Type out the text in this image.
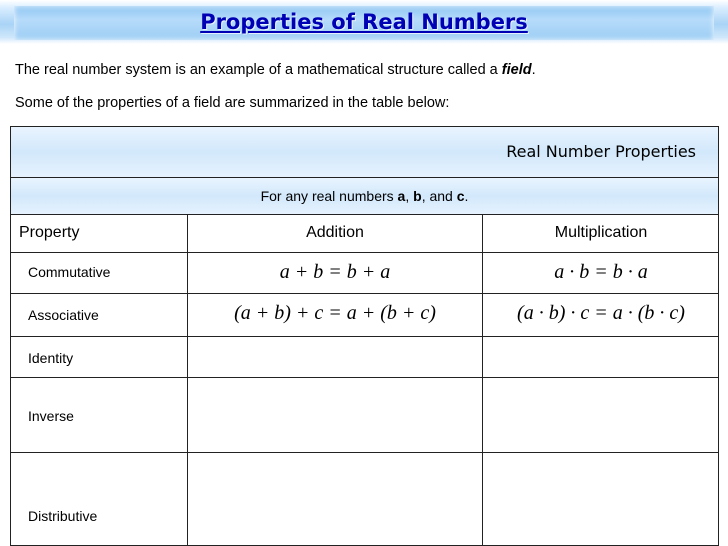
Properties of Real Numbers
The real number system is an example of a mathematical structure called a field.
Some of the properties of a field are summarized in the table below:
Real Number Properties
For any real numbers a, b, and c.
Property	Addition	Multiplication
Commutative	a + b = b + a	a · b = b · a
Associative	(a + b) + c = a + (b + c)	(a · b) · c = a · (b · c)
Identity
Inverse
Distributive
